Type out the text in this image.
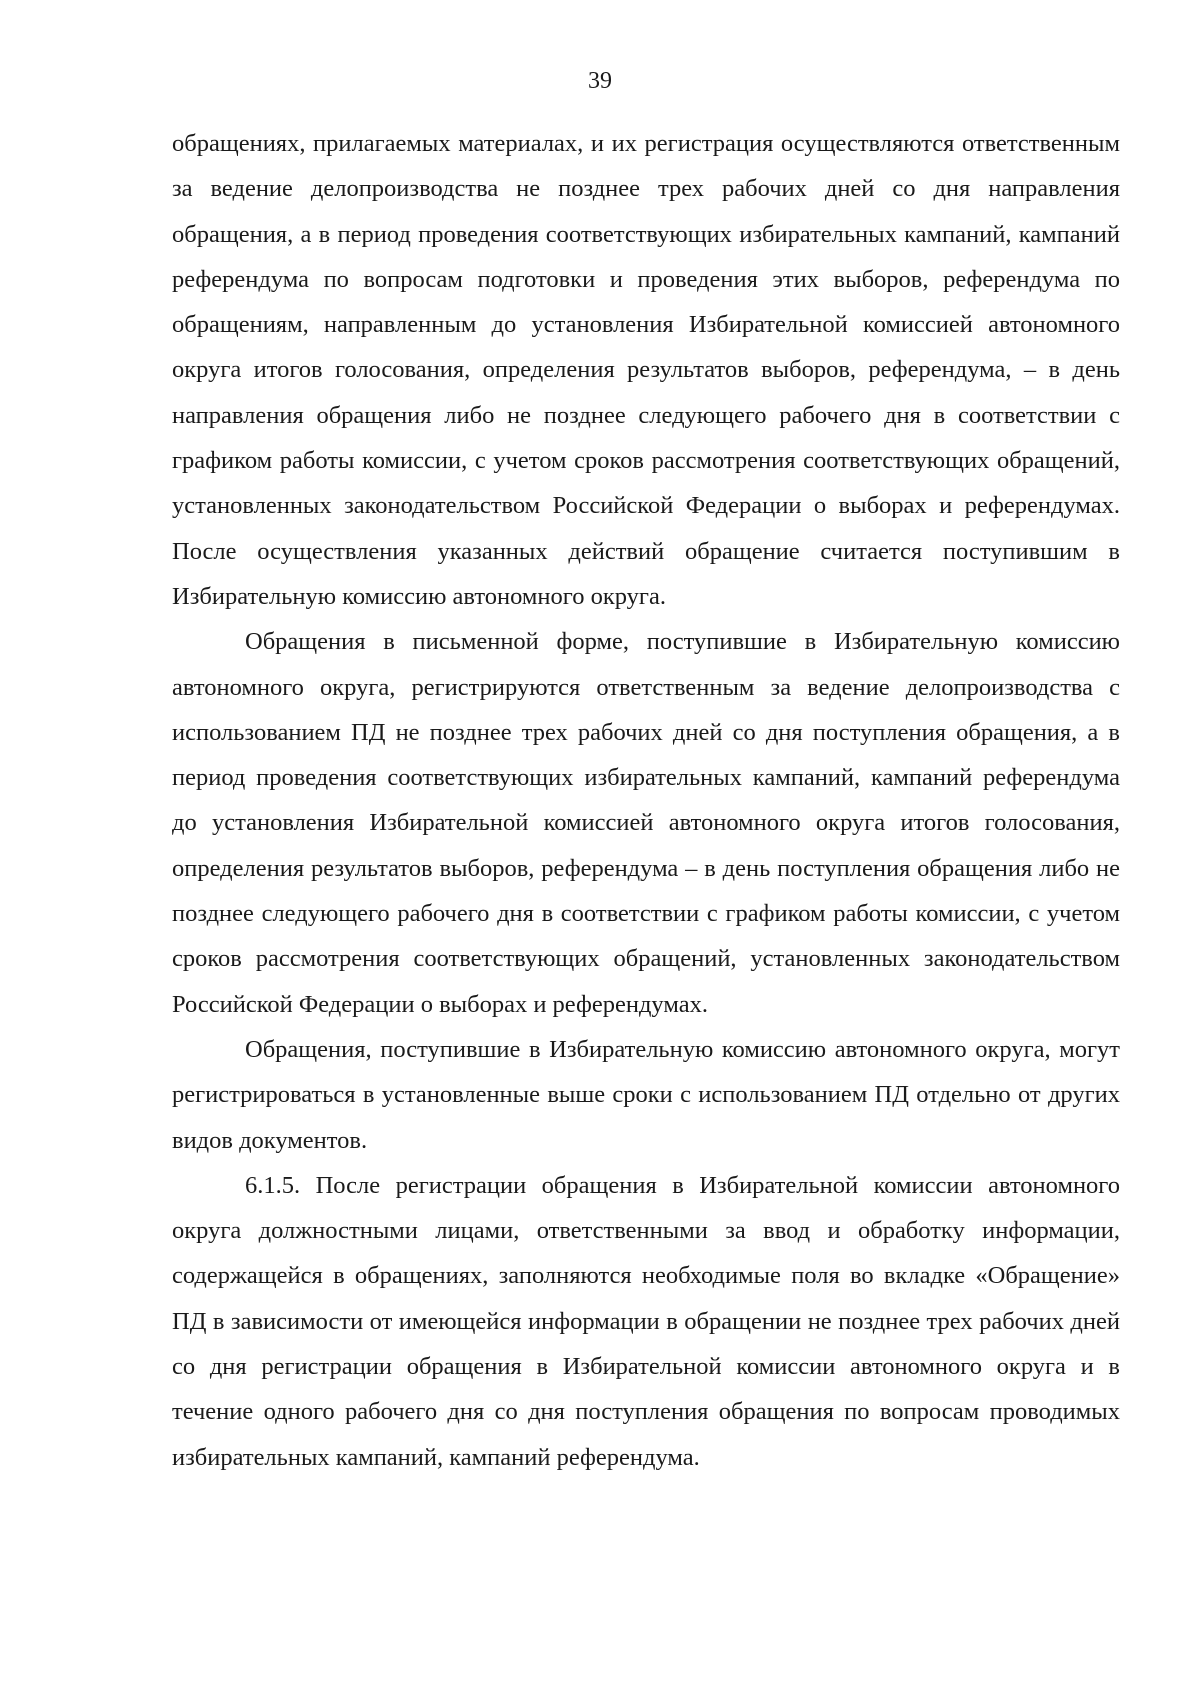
39

обращениях, прилагаемых материалах, и их регистрация осуществляются ответственным за ведение делопроизводства не позднее трех рабочих дней со дня направления обращения, а в период проведения соответствующих избирательных кампаний, кампаний референдума по вопросам подготовки и проведения этих выборов, референдума по обращениям, направленным до установления Избирательной комиссией автономного округа итогов голосования, определения результатов выборов, референдума, – в день направления обращения либо не позднее следующего рабочего дня в соответствии с графиком работы комиссии, с учетом сроков рассмотрения соответствующих обращений, установленных законодательством Российской Федерации о выборах и референдумах. После осуществления указанных действий обращение считается поступившим в Избирательную комиссию автономного округа.

Обращения в письменной форме, поступившие в Избирательную комиссию автономного округа, регистрируются ответственным за ведение делопроизводства с использованием ПД не позднее трех рабочих дней со дня поступления обращения, а в период проведения соответствующих избирательных кампаний, кампаний референдума до установления Избирательной комиссией автономного округа итогов голосования, определения результатов выборов, референдума – в день поступления обращения либо не позднее следующего рабочего дня в соответствии с графиком работы комиссии, с учетом сроков рассмотрения соответствующих обращений, установленных законодательством Российской Федерации о выборах и референдумах.

Обращения, поступившие в Избирательную комиссию автономного округа, могут регистрироваться в установленные выше сроки с использованием ПД отдельно от других видов документов.

6.1.5. После регистрации обращения в Избирательной комиссии автономного округа должностными лицами, ответственными за ввод и обработку информации, содержащейся в обращениях, заполняются необходимые поля во вкладке «Обращение» ПД в зависимости от имеющейся информации в обращении не позднее трех рабочих дней со дня регистрации обращения в Избирательной комиссии автономного округа и в течение одного рабочего дня со дня поступления обращения по вопросам проводимых избирательных кампаний, кампаний референдума.
